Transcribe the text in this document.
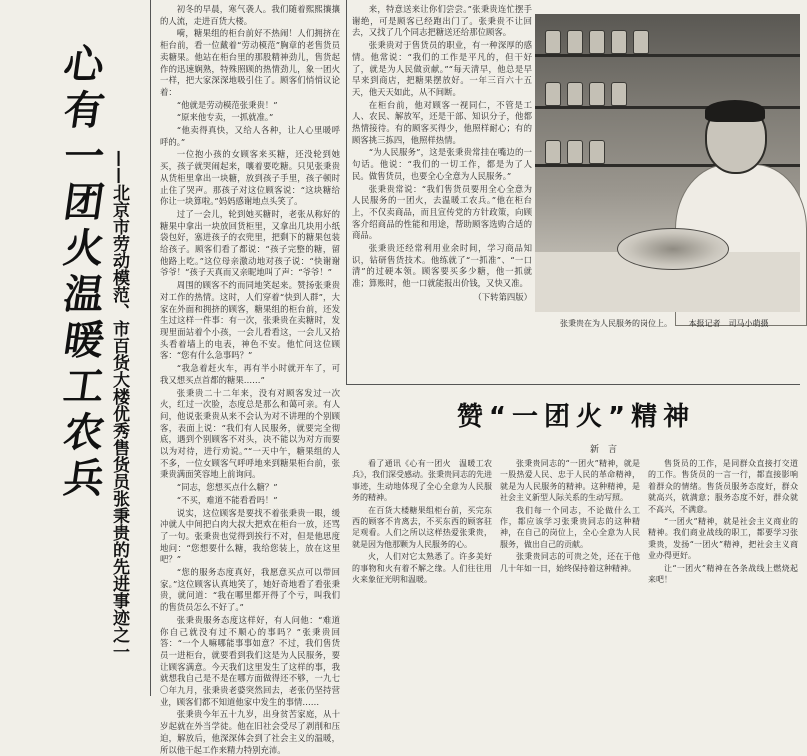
心
有
一
团
火
温
暖
工
农
兵 ——北京市劳动模范、市百货大楼优秀售货员张秉贵的先进事迹之一

初冬的早晨，寒气袭人。我们随着熙熙攘攘的人流，走进百货大楼。

嗬，糖果组的柜台前好不热闹！人们拥挤在柜台前，看一位戴着“劳动模范”胸章的老售货员卖糖果。他站在柜台里的那股精神劲儿，售货起作的迅速娴熟，特殊照顾的热情劲儿，象一团火一样，把大家深深地吸引住了。顾客们悄悄议论着：

“他就是劳动模范张秉贵！”

“原来他专卖，一抓就准。”

“他卖得真快，又给人各种，让人心里暖呼呼的。”

一位抱小孩的女顾客来买糖，还没轮到她买，孩子就哭闹起来，嚷着要吃糖。只见张秉贵从货柜里拿出一块糖，放到孩子手里，孩子顿时止住了哭声。那孩子对这位顾客说：“这块糖给你让一块算啦。”妈妈感谢地点头笑了。

过了一会儿，轮到她买糖时，老张从称好的糖果中拿出一块放回货柜里，又拿出几块用小纸袋包好，塞进孩子的衣兜里，把剩下的糖果包装给孩子。顾客们看了都说：“孩子完整的糖，留他路上吃。”这位母亲激动地对孩子说：“快谢谢爷爷！”孩子天真而又亲昵地叫了声：“爷爷！”

周围的顾客不约而同地笑起来。赞扬张秉贵对工作的热情。这时，人们穿着“快到人群”，大家在外面和拥挤的顾客，糖果组的柜台前，还发生过这样一件事：有一次，张秉贵在卖糖时，发现里面站着个小孩，一会儿看看这，一会儿又拾头看着墙上的电表，神色不安。他忙问这位顾客：“您有什么急事吗？”

“我急着赶火车，再有半小时就开车了，可我又想买点首都的糖果……”

张秉贵二十二年来，没有对顾客发过一次火，红过一次脸，态度总是那么和蔼可亲。有人问，他说张秉贵从来不会认为对不讲理的个别顾客，表面上说：“我们有人民服务，就要完全彻底，遇到个别顾客不对头，决不能以为对方而要以为对待，进行劝说。”“一天中午，糖果组的人不多，一位女顾客气呼呼地来到糖果柜台前，张秉贵满面笑容地上前询问。

“同志，您想买点什么糖？”

“不买，难道不能看看吗！”

说实，这位顾客是要找不着张秉贵一眼，缓冲就人中间把白肉大叔大把欢在柜台一放，还骂了一句。张秉贵也觉得到挨行不对，但是他思度地问：“您想要什么糖，我给您装上，放在这里吧？”

“您的服务态度真好，我愿意买点可以带回家。”这位顾客认真地笑了，她好奇地看了看张秉贵，就问道：“我在哪里都开得了个亏，叫我们的售货员怎么不好了。”

张秉贵服务态度这样好，有人问他：“难道你自己就没有过不顺心的事吗？”张秉贵回答：“一个人嘛哪能事事如意？不过，我们售货员一进柜台，就要看到我们这是为人民服务，要让顾客满意。今天我们这里发生了这样的事，我就想我自己是不是在哪方面做得还不够，一九七〇年九月，张秉贵老婆突然回去，老张仍坚持营业，顾客们都不知道他家中发生的事情……

张秉贵今年五十九岁，出身贫苦家庭，从十岁起就在外当学徒。他在旧社会受尽了剥削和压迫，解放后，他深深体会到了社会主义的温暖，所以他干起工作来精力特别充沛。

来，特意送来让你们尝尝。”张秉贵连忙摆手谢绝，可是顾客已经跑出门了。张秉贵不让回去，又找了几个同志把糖送还给那位顾客。

张秉贵对于售货员的职业，有一种深厚的感情。他常说：“我们的工作是平凡的，但干好了，就是为人民做贡献。”“每天清早，他总是早早来到商店，把糖果摆放好。一年三百六十五天，他天天如此，从不间断。

在柜台前，他对顾客一视同仁，不管是工人、农民、解放军，还是干部、知识分子，他都热情接待。有的顾客买得少，他照样耐心；有的顾客挑三拣四，他照样热情。

“为人民服务”，这是张秉贵常挂在嘴边的一句话。他说：“我们的一切工作，都是为了人民。做售货员，也要全心全意为人民服务。”

张秉贵常说：“我们售货员要用全心全意为人民服务的一团火，去温暖工农兵。”他在柜台上，不仅卖商品，而且宣传党的方针政策，向顾客介绍商品的性能和用途，帮助顾客选购合适的商品。

张秉贵还经常利用业余时间，学习商品知识，钻研售货技术。他练就了“一抓准”、“一口清”的过硬本领。顾客要买多少糖，他一抓就准；算账时，他一口就能报出价钱，又快又准。

（下转第四版）

张秉贵在为人民服务的岗位上。 本报记者　司马小萌摄
赞“一团火”精神
新　言

看了通讯《心有一团火　温暖工农兵》，我们深受感动。张秉贵同志的先进事迹，生动地体现了全心全意为人民服务的精神。

在百货大楼糖果组柜台前，买完东西的顾客不肯离去，不买东西的顾客驻足观看。人们之所以这样热爱张秉贵，就是因为他那颗为人民服务的心。

火，人们对它太熟悉了。许多美好的事物和火有着不解之缘。人们往往用火来象征光明和温暖。

张秉贵同志的“一团火”精神，就是一股热爱人民、忠于人民的革命精神，就是为人民服务的精神。这种精神，是社会主义新型人际关系的生动写照。

我们每一个同志，不论做什么工作，都应该学习张秉贵同志的这种精神，在自己的岗位上，全心全意为人民服务，做出自己的贡献。

张秉贵同志的可贵之处，还在于他几十年如一日，始终保持着这种精神。

售货员的工作，是同群众直接打交道的工作。售货员的一言一行，都直接影响着群众的情绪。售货员服务态度好，群众就高兴，就满意；服务态度不好，群众就不高兴，不满意。

“一团火”精神，就是社会主义商业的精神。我们商业战线的职工，都要学习张秉贵，发扬“一团火”精神，把社会主义商业办得更好。

让“一团火”精神在各条战线上燃烧起来吧！
